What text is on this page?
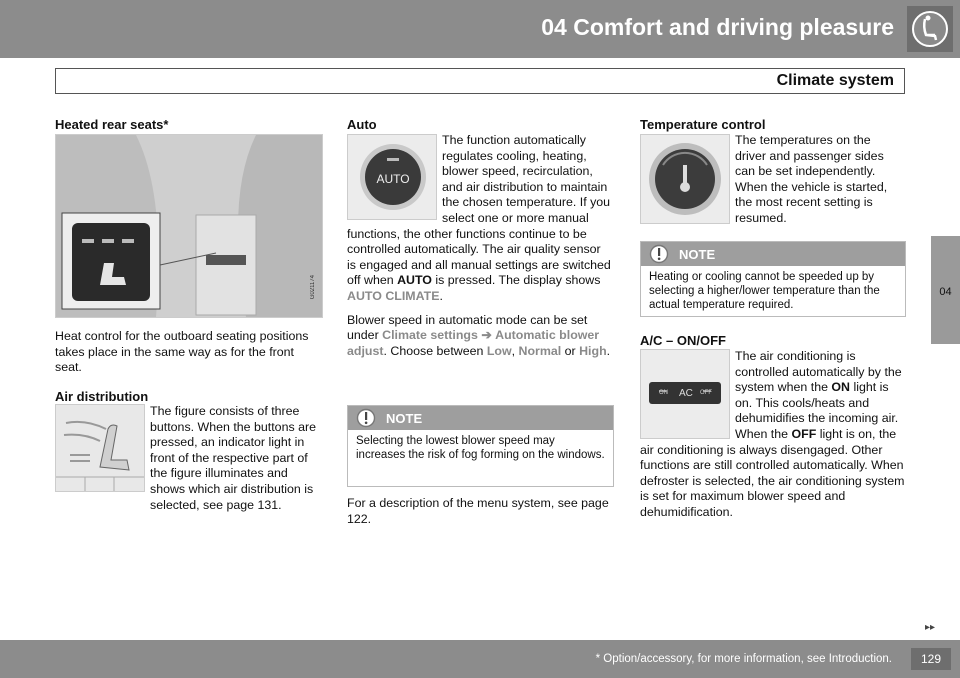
04 Comfort and driving pleasure
Climate system
04
Heated rear seats*
G021174

Heat control for the outboard seating positions takes place in the same way as for the front seat.

Air distribution

The figure consists of three buttons. When the buttons are pressed, an indicator light in front of the respective part of the figure illuminates and shows which air distribution is selected, see page 131.

Auto
AUTO

The function automatically regulates cooling, heating, blower speed, recirculation, and air distribution to maintain the chosen temperature. If you select one or more manual functions, the other functions continue to be controlled automatically. The air quality sensor is engaged and all manual settings are switched off when AUTO is pressed. The display shows AUTO CLIMATE.

Blower speed in automatic mode can be set under Climate settings ➔ Automatic blower adjust. Choose between Low, Normal or High.

NOTE
Selecting the lowest blower speed may increases the risk of fog forming on the windows.

For a description of the menu system, see page 122.

Temperature control

The temperatures on the driver and passenger sides can be set independently. When the vehicle is started, the most recent setting is resumed.

NOTE
Heating or cooling cannot be speeded up by selecting a higher/lower temperature than the actual temperature required.
A/C – ON/OFF
ON AC OFF

The air conditioning is controlled automatically by the system when the ON light is on. This cools/heats and dehumidifies the incoming air. When the OFF light is on, the air conditioning is always disengaged. Other functions are still controlled automatically. When defroster is selected, the air conditioning system is set for maximum blower speed and dehumidification.

▸▸
* Option/accessory, for more information, see Introduction.	129
